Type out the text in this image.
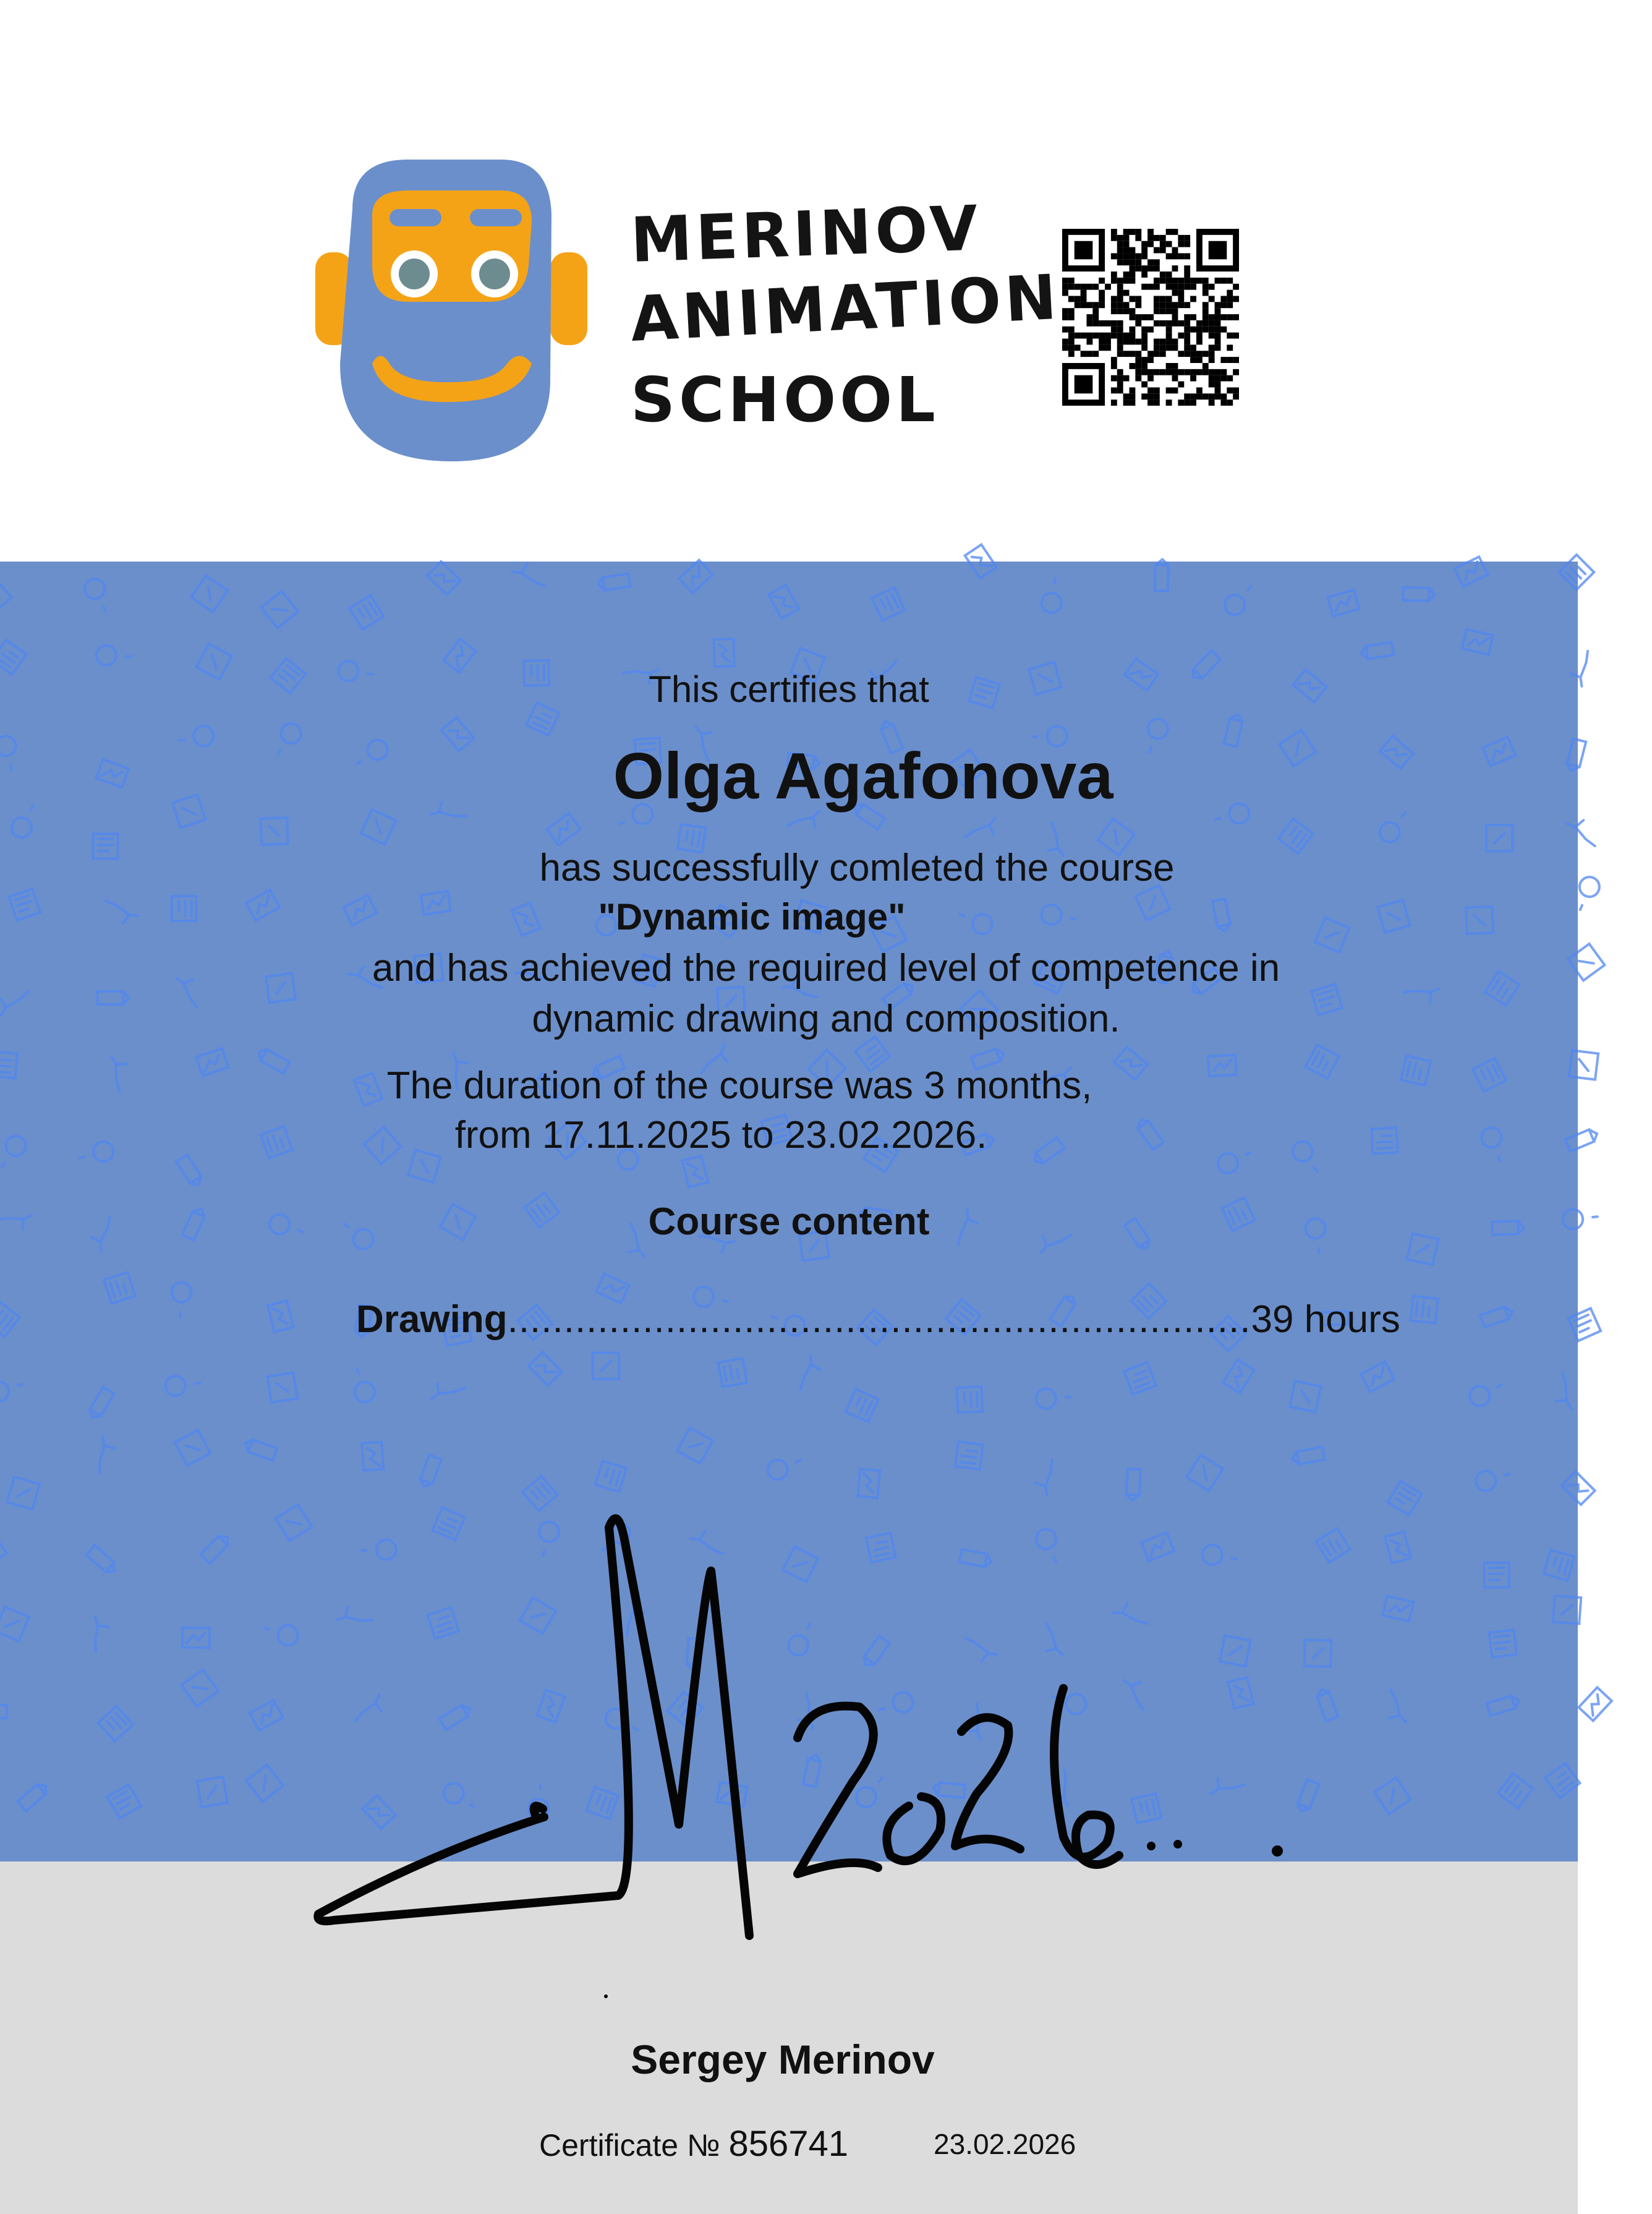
MERINOV
ANIMATION
SCHOOL
This certifies that
Olga Agafonova
has successfully comleted the course
"Dynamic image"
and has achieved the required level of competence in
dynamic drawing and composition.
The duration of the course was 3 months,
from 17.11.2025 to 23.02.2026.
Course content
Drawing .................................................................. 39 hours
Sergey Merinov
Certificate № 856741	23.02.2026
